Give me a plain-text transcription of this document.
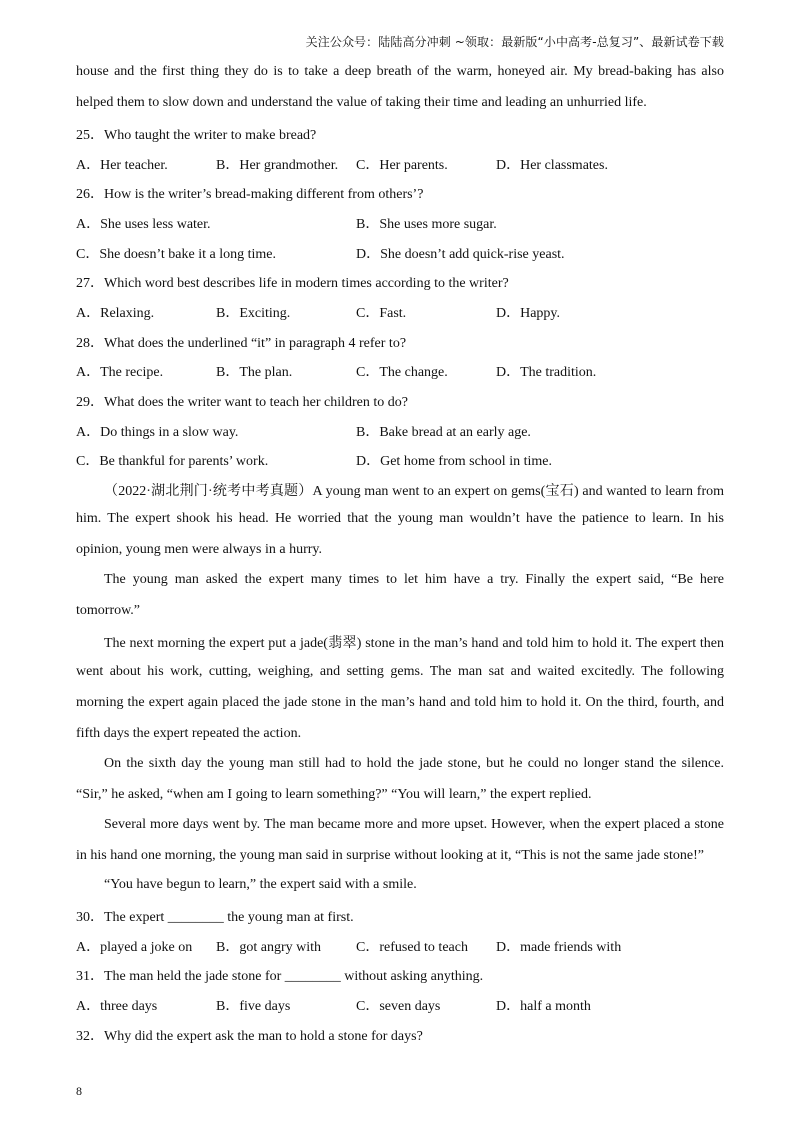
关注公众号：陆陆高分冲刺 ~领取：最新版“小中高考-总复习”、最新试卷下载
house and the first thing they do is to take a deep breath of the warm, honeyed air. My bread-baking has also
helped them to slow down and understand the value of taking their time and leading an unhurried life.
25．Who taught the writer to make bread?
A．Her teacher.	B．Her grandmother. C．Her parents.	D．Her classmates.
26．How is the writer’s bread-making different from others’?
A．She uses less water.	B．She uses more sugar.
C．She doesn’t bake it a long time.	D．She doesn’t add quick-rise yeast.
27．Which word best describes life in modern times according to the writer?
A．Relaxing.	B．Exciting.	C．Fast.	D．Happy.
28．What does the underlined “it” in paragraph 4 refer to?
A．The recipe.	B．The plan.	C．The change.	D．The tradition.
29．What does the writer want to teach her children to do?
A．Do things in a slow way.	B．Bake bread at an early age.
C．Be thankful for parents’ work.	D．Get home from school in time.
（2022·湖北荆门·统考中考真题）A young man went to an expert on gems(宝石) and wanted to learn from
him. The expert shook his head. He worried that the young man wouldn’t have the patience to learn. In his
opinion, young men were always in a hurry.
The young man asked the expert many times to let him have a try. Finally the expert said, “Be here
tomorrow.”
The next morning the expert put a jade(翡翠) stone in the man’s hand and told him to hold it. The expert then
went about his work, cutting, weighing, and setting gems. The man sat and waited excitedly. The following
morning the expert again placed the jade stone in the man’s hand and told him to hold it. On the third, fourth, and
fifth days the expert repeated the action.
On the sixth day the young man still had to hold the jade stone, but he could no longer stand the silence.
“Sir,” he asked, “when am I going to learn something?” “You will learn,” the expert replied.
Several more days went by. The man became more and more upset. However, when the expert placed a stone
in his hand one morning, the young man said in surprise without looking at it, “This is not the same jade stone!”
“You have begun to learn,” the expert said with a smile.
30．The expert ________ the young man at first.
A．played a joke on B．got angry with	C．refused to teach D．made friends with
31．The man held the jade stone for ________ without asking anything.
A．three days	B．five days	C．seven days	D．half a month
32．Why did the expert ask the man to hold a stone for days?
8
